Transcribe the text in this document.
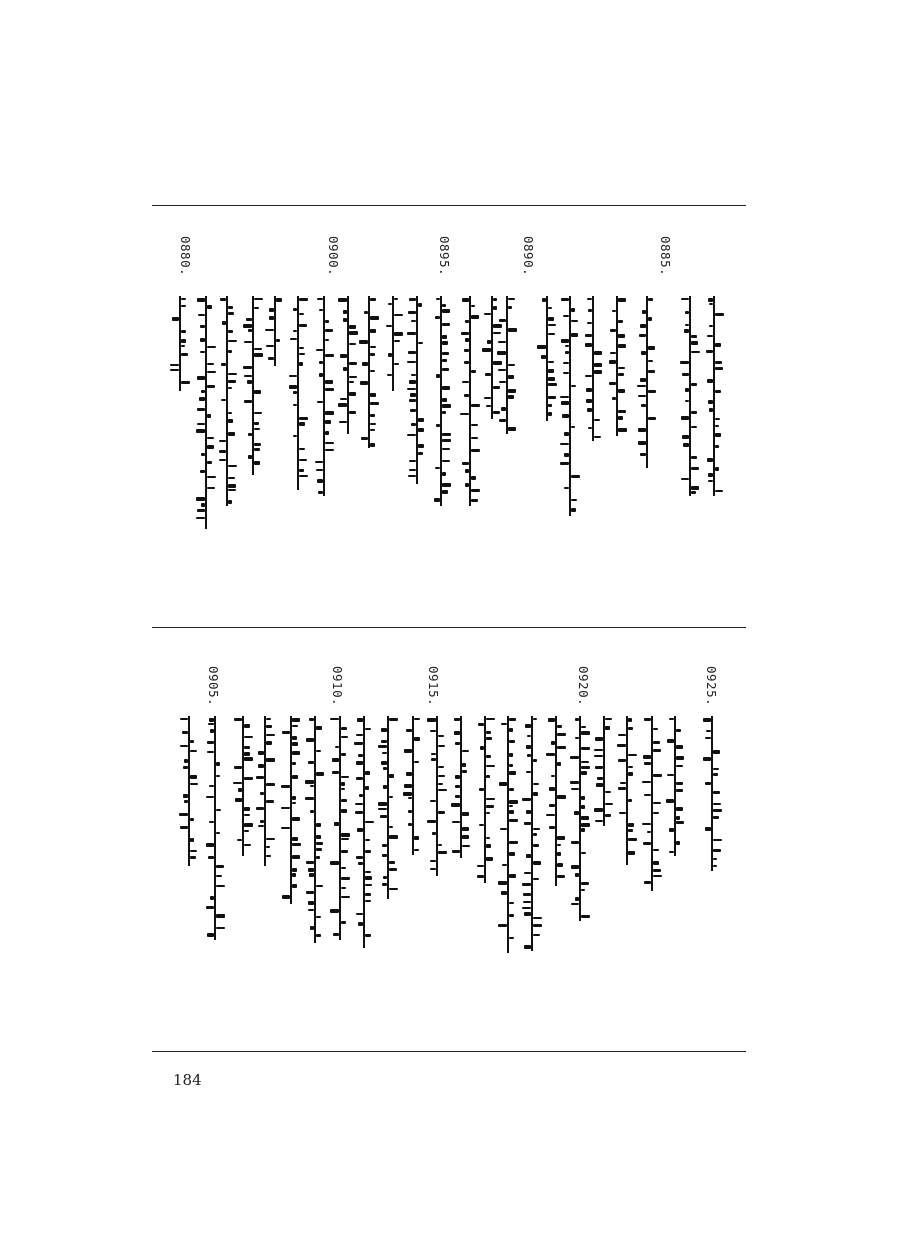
0900.	0895.	0890.	0885.
0880.
0905.	0910.	0915.	0920.	0925.
184
